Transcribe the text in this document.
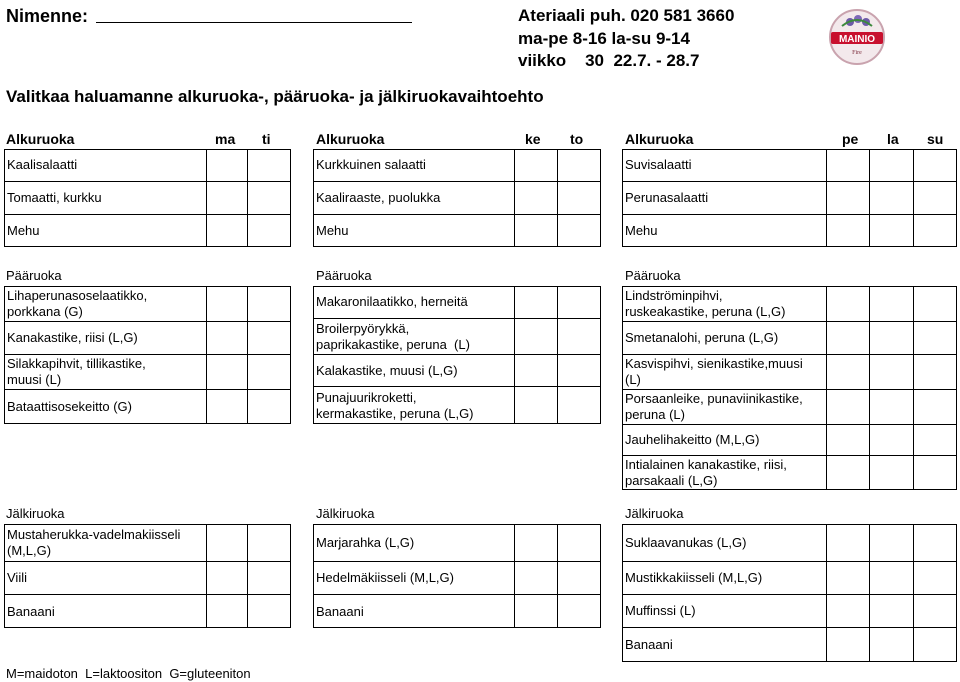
Nimenne:	Ateriaali puh. 020 581 3660
ma-pe 8-16 la-su 9-14
viikko    30  22.7. - 28.7
MAINIO
Fire
Valitkaa haluamanne alkuruoka-, pääruoka- ja jälkiruokavaihtoehto
Alkuruoka	ma ti
Kaalisalaatti
Tomaatti, kurkku
Mehu
Pääruoka
Lihaperunasoselaatikko,
porkkana (G)
Kanakastike, riisi (L,G)
Silakkapihvit, tillikastike,
muusi (L)
Bataattisosekeitto (G)
Jälkiruoka
Mustaherukka-vadelmakiisseli
(M,L,G)
Viili
Banaani
Alkuruoka	ke to
Kurkkuinen salaatti
Kaaliraaste, puolukka
Mehu
Pääruoka
Makaronilaatikko, herneitä
Broilerpyörykkä,
paprikakastike, peruna  (L)
Kalakastike, muusi (L,G)
Punajuurikroketti,
kermakastike, peruna (L,G)
Jälkiruoka
Marjarahka (L,G)
Hedelmäkiisseli (M,L,G)
Banaani
Alkuruoka	pe la su
Suvisalaatti
Perunasalaatti
Mehu
Pääruoka
Lindströminpihvi,
ruskeakastike, peruna (L,G)
Smetanalohi, peruna (L,G)
Kasvispihvi, sienikastike,muusi
(L)
Porsaanleike, punaviinikastike,
peruna (L)
Jauhelihakeitto (M,L,G)
Intialainen kanakastike, riisi,
parsakaali (L,G)
Jälkiruoka
Suklaavanukas (L,G)
Mustikkakiisseli (M,L,G)
Muffinssi (L)
Banaani
M=maidoton  L=laktoositon  G=gluteeniton
